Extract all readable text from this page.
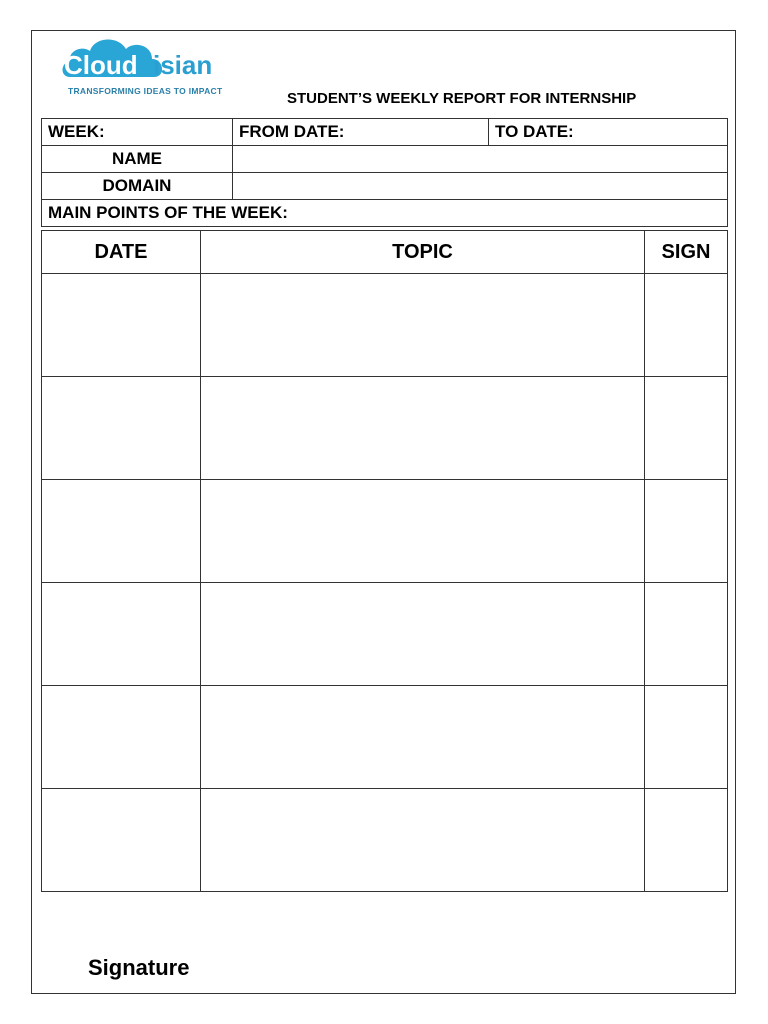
Cloud isian
TRANSFORMING IDEAS TO IMPACT	STUDENT’S WEEKLY REPORT FOR INTERNSHIP
WEEK:	FROM DATE:	TO DATE:
NAME		
DOMAIN		
MAIN POINTS OF THE WEEK:		
DATE	TOPIC	SIGN

Signature
